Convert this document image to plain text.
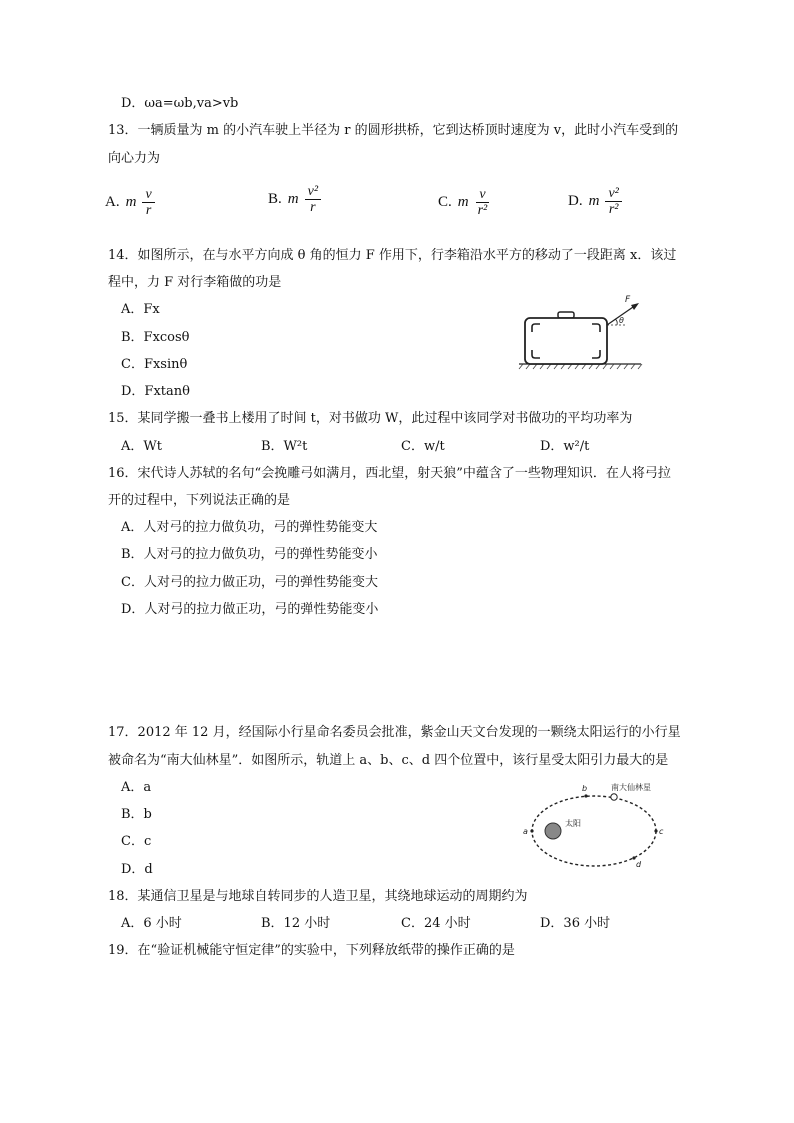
D．ωa=ωb,va>vb
13．一辆质量为 m 的小汽车驶上半径为 r 的圆形拱桥，它到达桥顶时速度为 v，此时小汽车受到的
向心力为
A. m $\frac{v}{r}$	B. m $\frac{\text{v²}}{r}$	C. m $\frac{v}{\text{r²}}$	D. m $\frac{\text{v²}}{\text{r²}}$
14．如图所示，在与水平方向成 θ 角的恒力 F 作用下，行李箱沿水平方的移动了一段距离 x．该过
程中，力 F 对行李箱做的功是
A．Fx
B．Fxcosθ
C．Fxsinθ
D．Fxtanθ
F
θ
15．某同学搬一叠书上楼用了时间 t，对书做功 W，此过程中该同学对书做功的平均功率为
A．Wt	B．W²t	C．w/t	D．w²/t
16．宋代诗人苏轼的名句“会挽雕弓如满月，西北望，射天狼”中蕴含了一些物理知识．在人将弓拉
开的过程中，下列说法正确的是
A．人对弓的拉力做负功，弓的弹性势能变大
B．人对弓的拉力做负功，弓的弹性势能变小
C．人对弓的拉力做正功，弓的弹性势能变大
D．人对弓的拉力做正功，弓的弹性势能变小
17．2012 年 12 月，经国际小行星命名委员会批准，紫金山天文台发现的一颗绕太阳运行的小行星
被命名为“南大仙林星”．如图所示，轨道上 a、b、c、d 四个位置中，该行星受太阳引力最大的是
A．a
B．b
C．c
D．d
太阳
南大仙林星
a
b
c
d
18．某通信卫星是与地球自转同步的人造卫星，其绕地球运动的周期约为
A．6 小时	B．12 小时	C．24 小时	D．36 小时
19．在“验证机械能守恒定律”的实验中，下列释放纸带的操作正确的是
